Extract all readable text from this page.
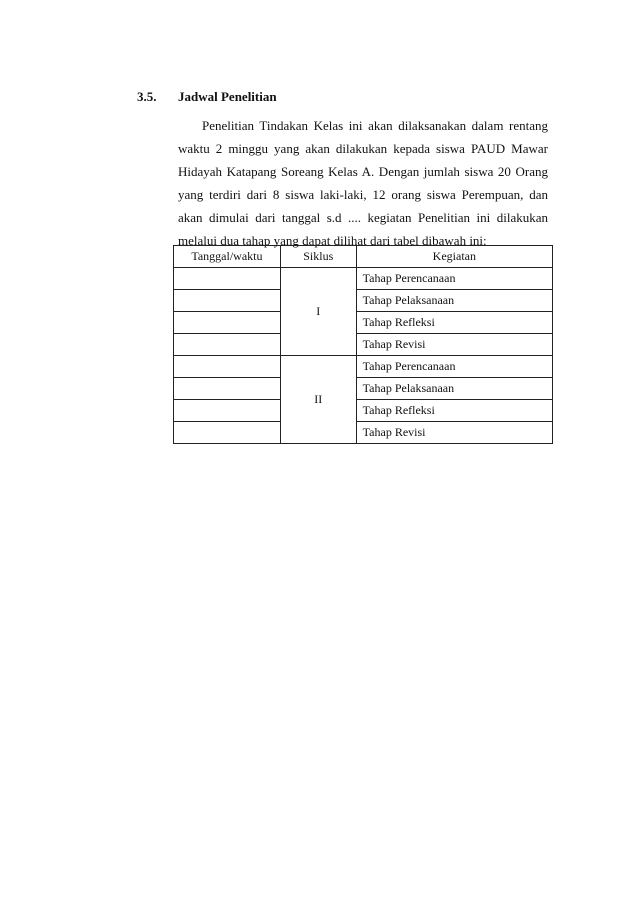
3.5. Jadwal Penelitian
Penelitian Tindakan Kelas ini akan dilaksanakan dalam rentang
waktu 2 minggu yang akan dilakukan kepada siswa PAUD Mawar
Hidayah Katapang Soreang Kelas A. Dengan jumlah siswa 20 Orang
yang terdiri dari 8 siswa laki-laki, 12 orang siswa Perempuan, dan
akan dimulai dari tanggal s.d .... kegiatan Penelitian ini dilakukan
melalui dua tahap yang dapat dilihat dari tabel dibawah ini:
Tanggal/waktu	Siklus	Kegiatan
	I	Tahap Perencanaan
		Tahap Pelaksanaan
		Tahap Refleksi
		Tahap Revisi
	II	Tahap Perencanaan
		Tahap Pelaksanaan
		Tahap Refleksi
		Tahap Revisi
